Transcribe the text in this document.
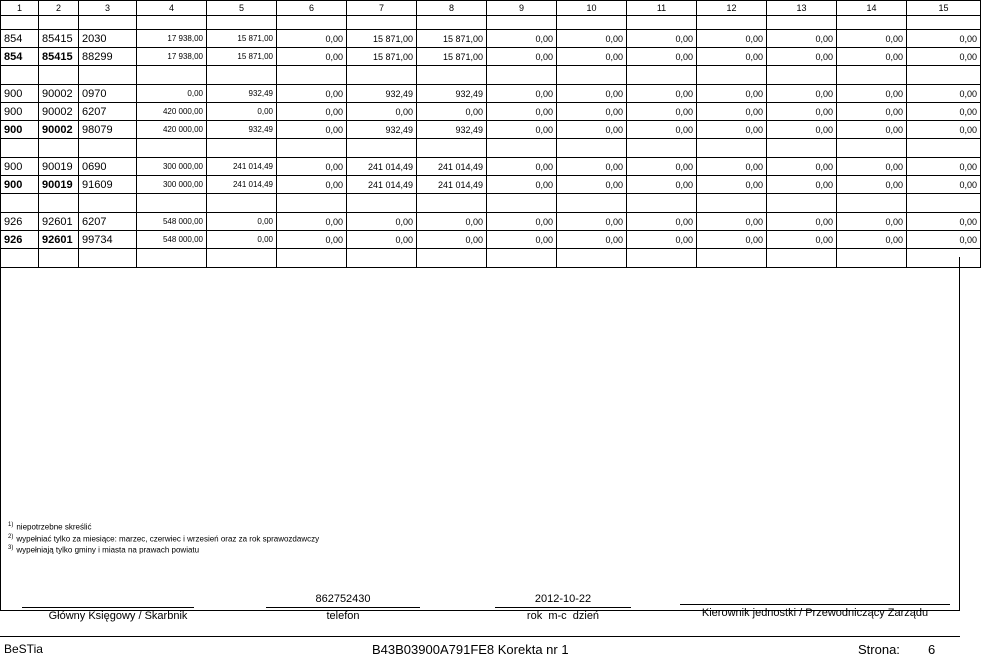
1	2	3	4	5	6	7	8	9	10	11	12	13	14	15

854	85415	2030	17 938,00	15 871,00	0,00	15 871,00	15 871,00	0,00	0,00	0,00	0,00	0,00	0,00	0,00
854	85415	88299	17 938,00	15 871,00	0,00	15 871,00	15 871,00	0,00	0,00	0,00	0,00	0,00	0,00	0,00

900	90002	0970	0,00	932,49	0,00	932,49	932,49	0,00	0,00	0,00	0,00	0,00	0,00	0,00
900	90002	6207	420 000,00	0,00	0,00	0,00	0,00	0,00	0,00	0,00	0,00	0,00	0,00	0,00
900	90002	98079	420 000,00	932,49	0,00	932,49	932,49	0,00	0,00	0,00	0,00	0,00	0,00	0,00

900	90019	0690	300 000,00	241 014,49	0,00	241 014,49	241 014,49	0,00	0,00	0,00	0,00	0,00	0,00	0,00
900	90019	91609	300 000,00	241 014,49	0,00	241 014,49	241 014,49	0,00	0,00	0,00	0,00	0,00	0,00	0,00

926	92601	6207	548 000,00	0,00	0,00	0,00	0,00	0,00	0,00	0,00	0,00	0,00	0,00	0,00
926	92601	99734	548 000,00	0,00	0,00	0,00	0,00	0,00	0,00	0,00	0,00	0,00	0,00	0,00

$^{1)}$ niepotrzebne skreślić
$^{2)}$ wypełniać tylko za miesiące: marzec, czerwiec i wrzesień oraz za rok sprawozdawczy
$^{3)}$ wypełniają tylko gminy i miasta na prawach powiatu
Główny Księgowy / Skarbnik
862752430
telefon
2012-10-22
rok  m-c  dzień	Kierownik jednostki / Przewodniczący Zarządu
BeSTia	B43B03900A791FE8 Korekta nr 1	Strona: 6
